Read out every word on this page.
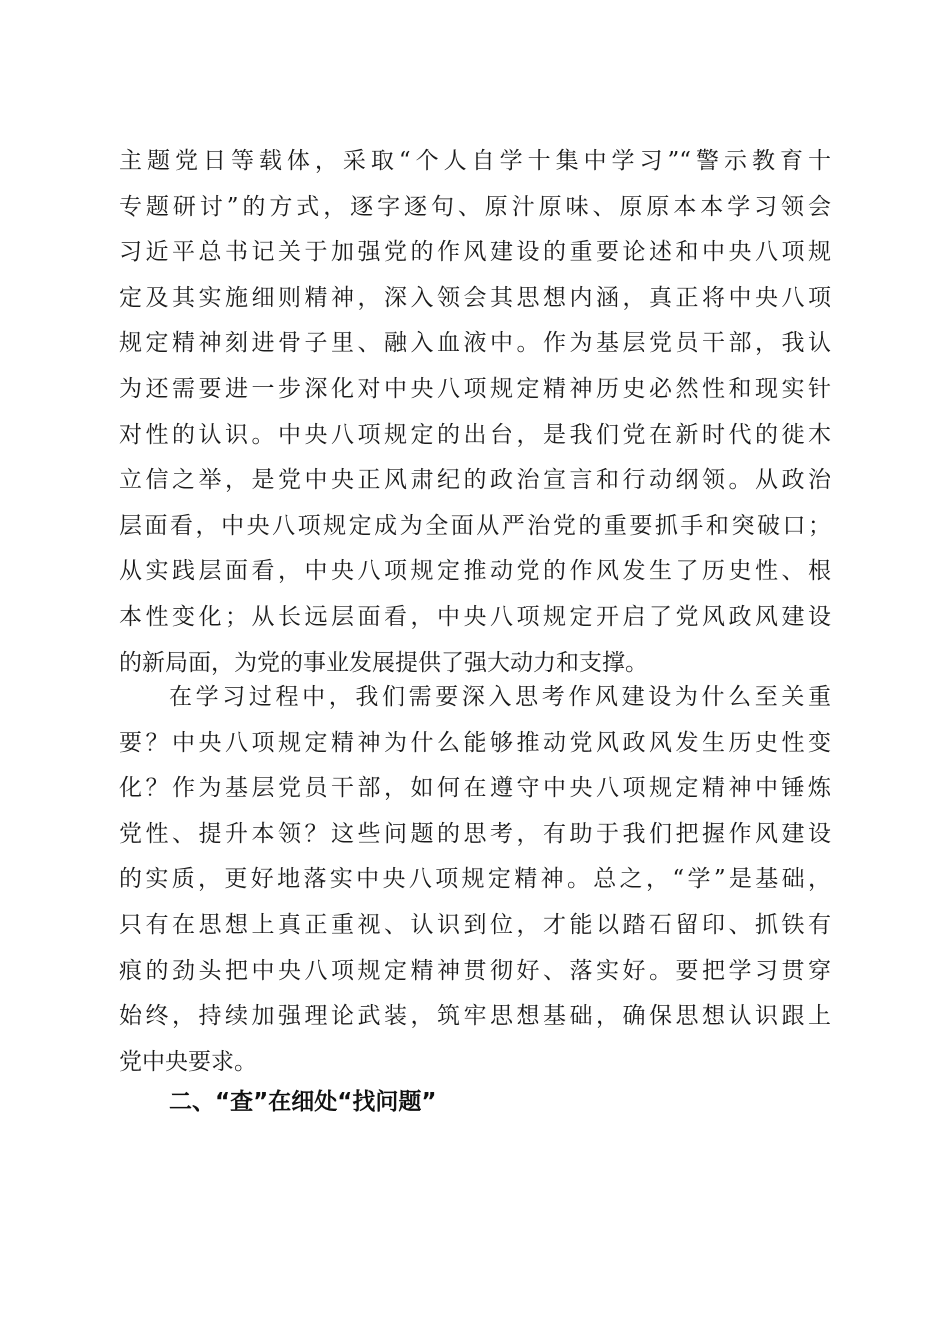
主题党日等载体，采取“个人自学十集中学习”“警示教育十
专题研讨”的方式，逐字逐句、原汁原味、原原本本学习领会
习近平总书记关于加强党的作风建设的重要论述和中央八项规
定及其实施细则精神，深入领会其思想内涵，真正将中央八项
规定精神刻进骨子里、融入血液中。作为基层党员干部，我认
为还需要进一步深化对中央八项规定精神历史必然性和现实针
对性的认识。中央八项规定的出台，是我们党在新时代的徙木
立信之举，是党中央正风肃纪的政治宣言和行动纲领。从政治
层面看，中央八项规定成为全面从严治党的重要抓手和突破口；
从实践层面看，中央八项规定推动党的作风发生了历史性、根
本性变化；从长远层面看，中央八项规定开启了党风政风建设
的新局面，为党的事业发展提供了强大动力和支撑。
在学习过程中，我们需要深入思考作风建设为什么至关重
要？中央八项规定精神为什么能够推动党风政风发生历史性变
化？作为基层党员干部，如何在遵守中央八项规定精神中锤炼
党性、提升本领？这些问题的思考，有助于我们把握作风建设
的实质，更好地落实中央八项规定精神。总之，“学”是基础，
只有在思想上真正重视、认识到位，才能以踏石留印、抓铁有
痕的劲头把中央八项规定精神贯彻好、落实好。要把学习贯穿
始终，持续加强理论武装，筑牢思想基础，确保思想认识跟上
党中央要求。
二、“查”在细处“找问题”
